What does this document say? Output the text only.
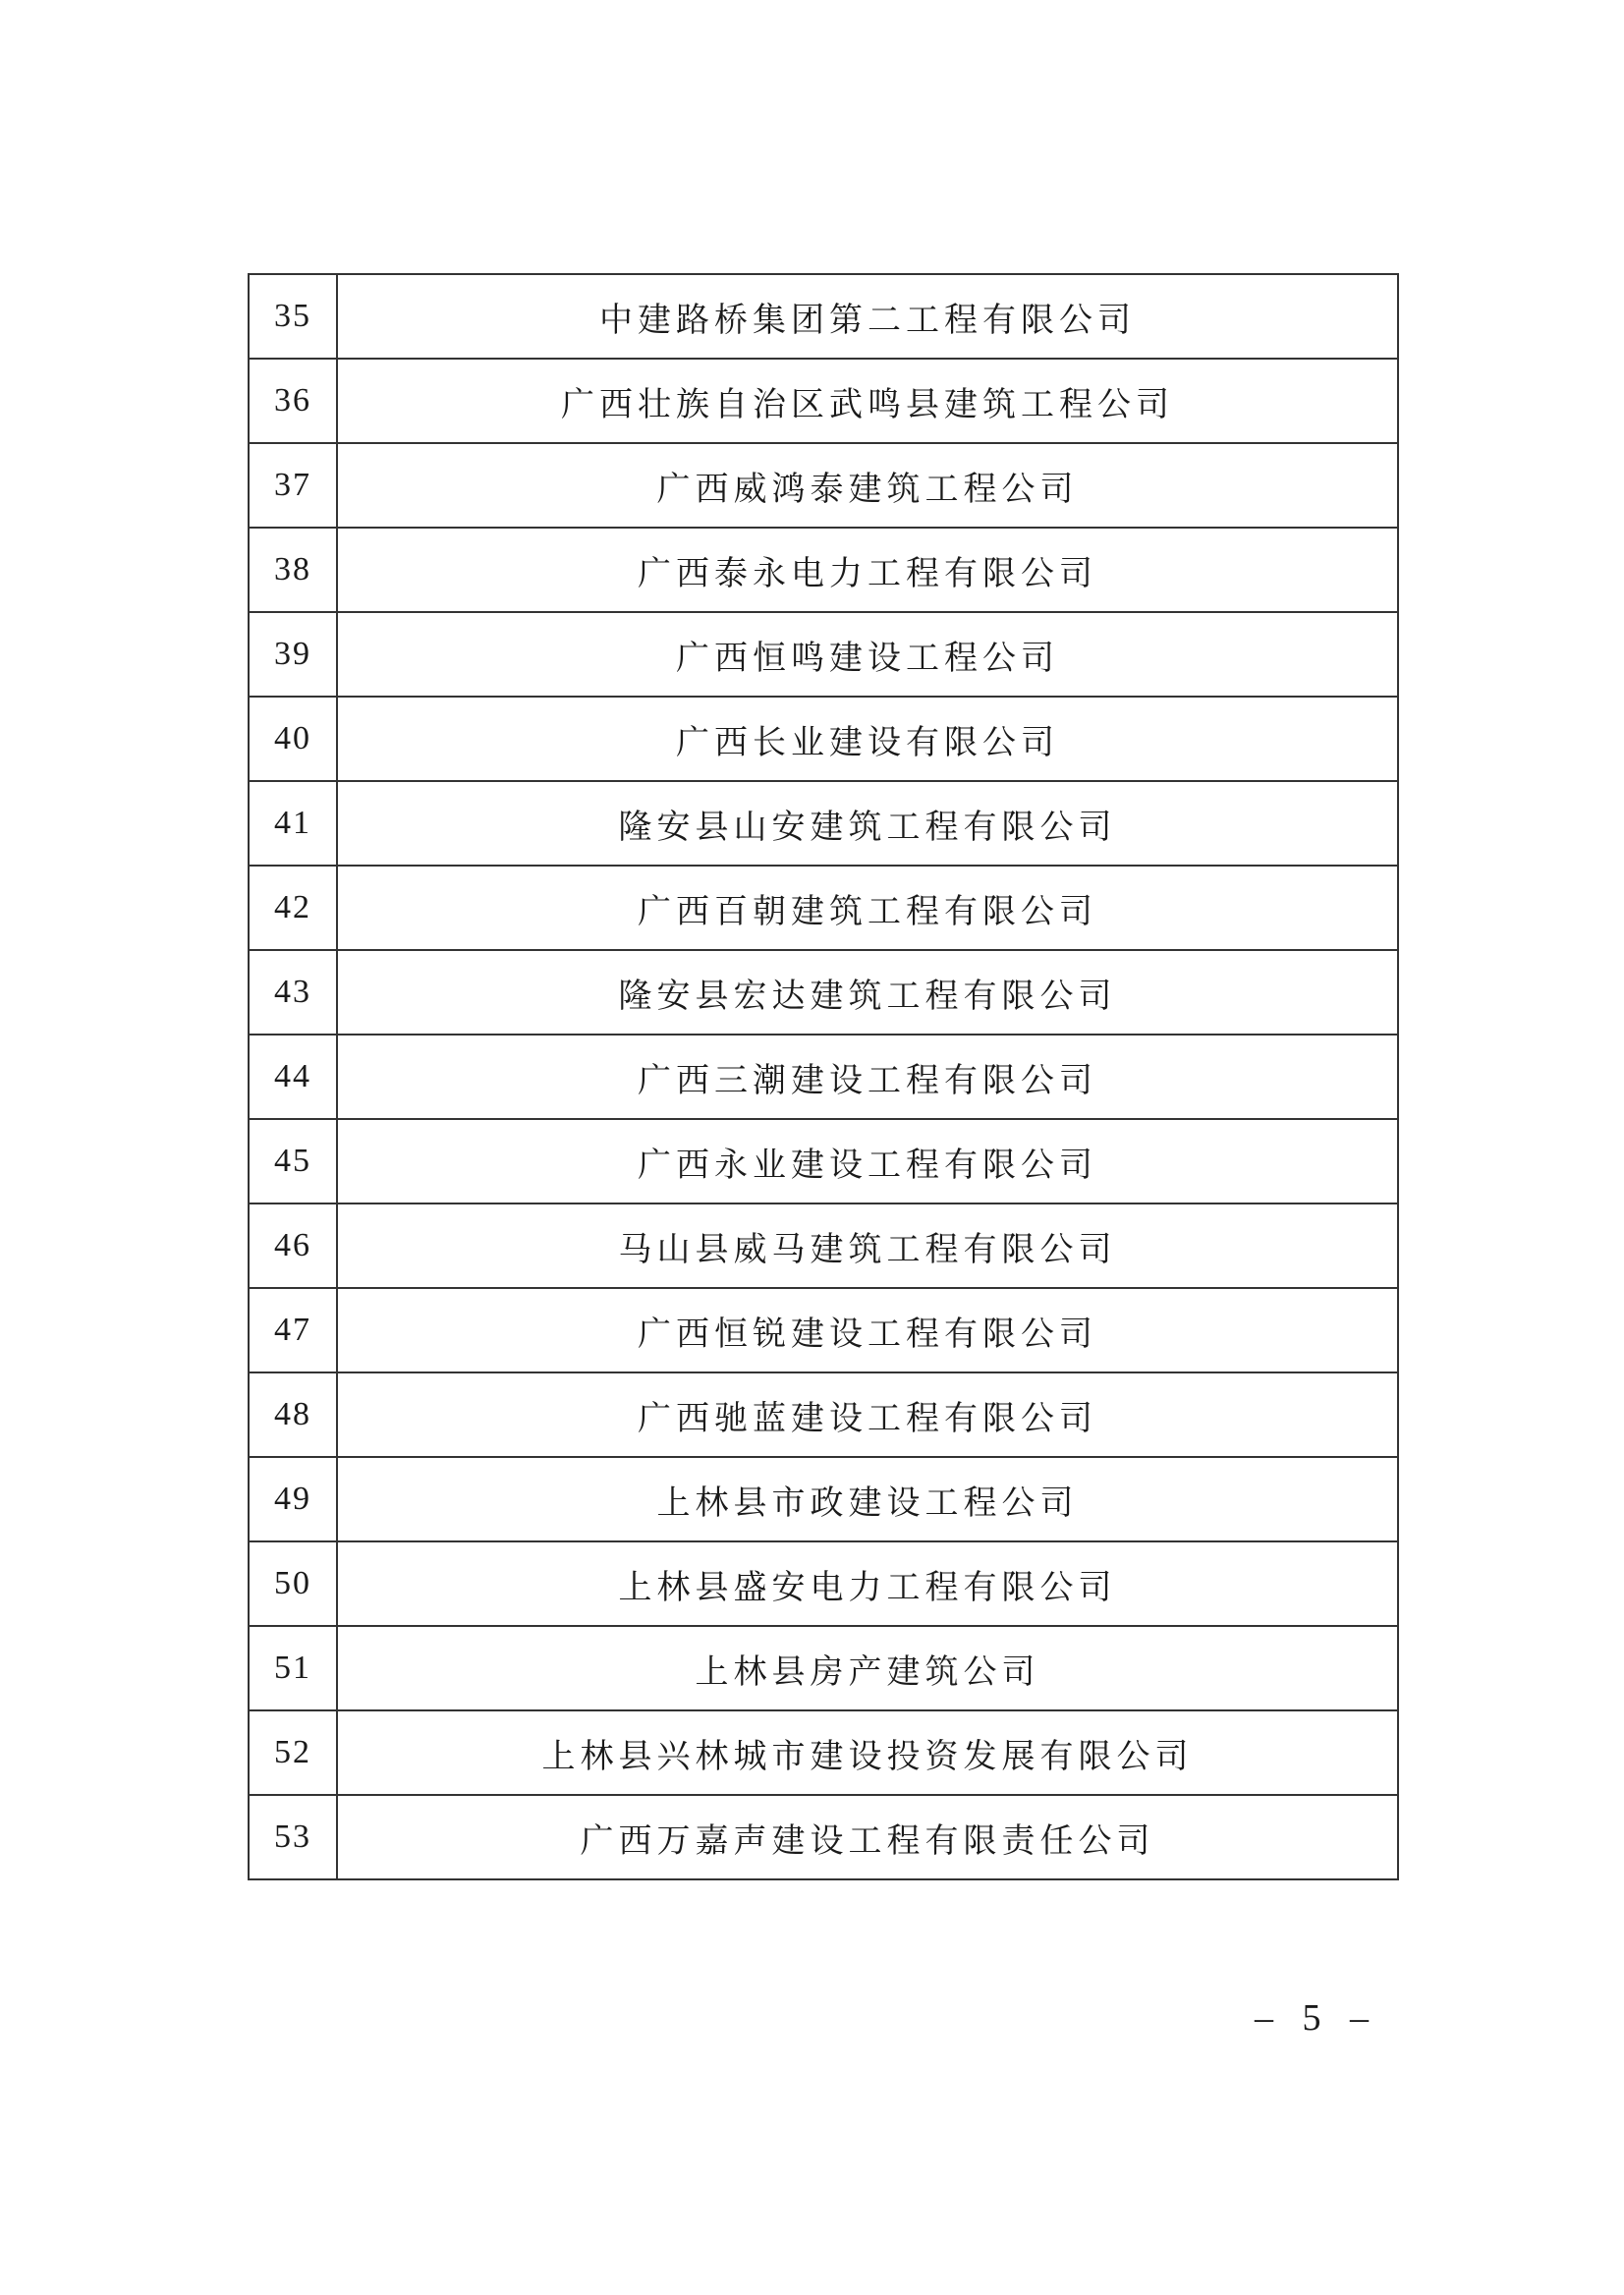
35	中建路桥集团第二工程有限公司
36	广西壮族自治区武鸣县建筑工程公司
37	广西威鸿泰建筑工程公司
38	广西泰永电力工程有限公司
39	广西恒鸣建设工程公司
40	广西长业建设有限公司
41	隆安县山安建筑工程有限公司
42	广西百朝建筑工程有限公司
43	隆安县宏达建筑工程有限公司
44	广西三潮建设工程有限公司
45	广西永业建设工程有限公司
46	马山县威马建筑工程有限公司
47	广西恒锐建设工程有限公司
48	广西驰蓝建设工程有限公司
49	上林县市政建设工程公司
50	上林县盛安电力工程有限公司
51	上林县房产建筑公司
52	上林县兴林城市建设投资发展有限公司
53	广西万嘉声建设工程有限责任公司
– 5 –
